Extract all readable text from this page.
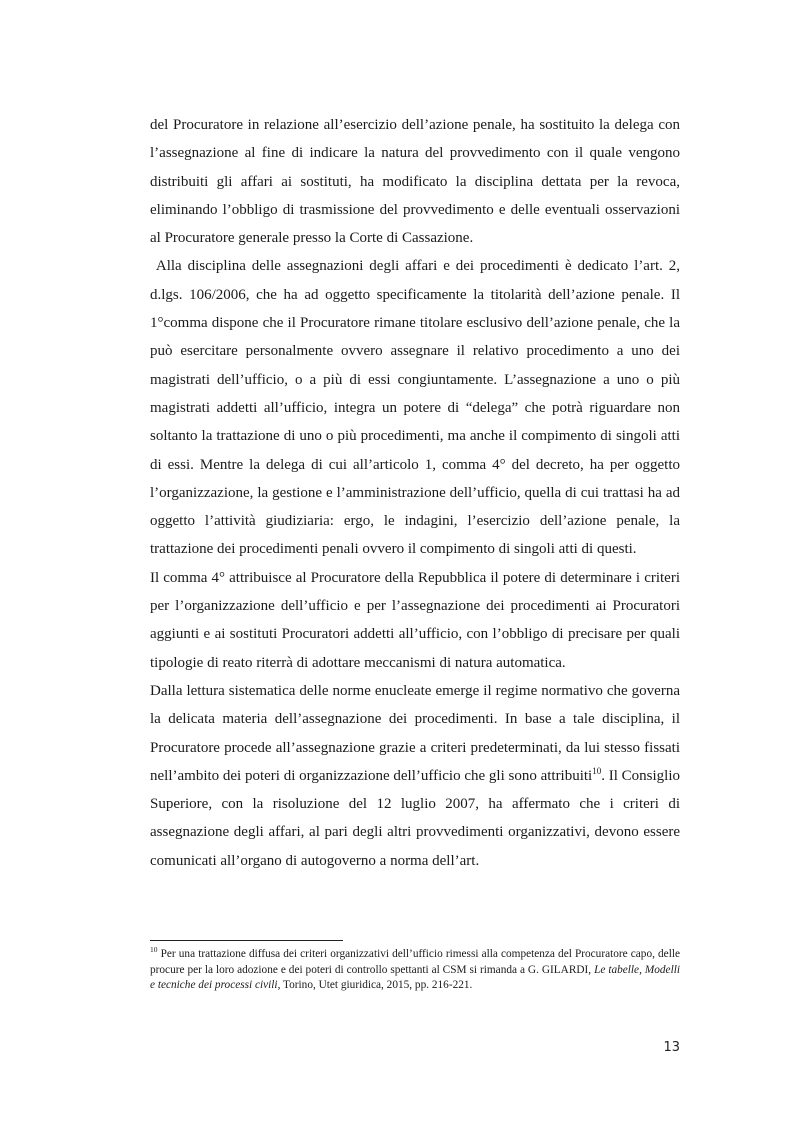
del Procuratore in relazione all’esercizio dell’azione penale, ha sostituito la delega con l’assegnazione al fine di indicare la natura del provvedimento con il quale vengono distribuiti gli affari ai sostituti, ha modificato la disciplina dettata per la revoca, eliminando l’obbligo di trasmissione del provvedimento e delle eventuali osservazioni al Procuratore generale presso la Corte di Cassazione.

Alla disciplina delle assegnazioni degli affari e dei procedimenti è dedicato l’art. 2, d.lgs. 106/2006, che ha ad oggetto specificamente la titolarità dell’azione penale. Il 1°comma dispone che il Procuratore rimane titolare esclusivo dell’azione penale, che la può esercitare personalmente ovvero assegnare il relativo procedimento a uno dei magistrati dell’ufficio, o a più di essi congiuntamente. L’assegnazione a uno o più magistrati addetti all’ufficio, integra un potere di “delega” che potrà riguardare non soltanto la trattazione di uno o più procedimenti, ma anche il compimento di singoli atti di essi. Mentre la delega di cui all’articolo 1, comma 4° del decreto, ha per oggetto l’organizzazione, la gestione e l’amministrazione dell’ufficio, quella di cui trattasi ha ad oggetto l’attività giudiziaria: ergo, le indagini, l’esercizio dell’azione penale, la trattazione dei procedimenti penali ovvero il compimento di singoli atti di questi.

Il comma 4° attribuisce al Procuratore della Repubblica il potere di determinare i criteri per l’organizzazione dell’ufficio e per l’assegnazione dei procedimenti ai Procuratori aggiunti e ai sostituti Procuratori addetti all’ufficio, con l’obbligo di precisare per quali tipologie di reato riterrà di adottare meccanismi di natura automatica.

Dalla lettura sistematica delle norme enucleate emerge il regime normativo che governa la delicata materia dell’assegnazione dei procedimenti. In base a tale disciplina, il Procuratore procede all’assegnazione grazie a criteri predeterminati, da lui stesso fissati nell’ambito dei poteri di organizzazione dell’ufficio che gli sono attribuiti$^{10}$. Il Consiglio Superiore, con la risoluzione del 12 luglio 2007, ha affermato che i criteri di assegnazione degli affari, al pari degli altri provvedimenti organizzativi, devono essere comunicati all’organo di autogoverno a norma dell’art.

$^{10}$ Per una trattazione diffusa dei criteri organizzativi dell’ufficio rimessi alla competenza del Procuratore capo, delle procure per la loro adozione e dei poteri di controllo spettanti al CSM si rimanda a G. GILARDI, Le tabelle, Modelli e tecniche dei processi civili, Torino, Utet giuridica, 2015, pp. 216-221.
13
